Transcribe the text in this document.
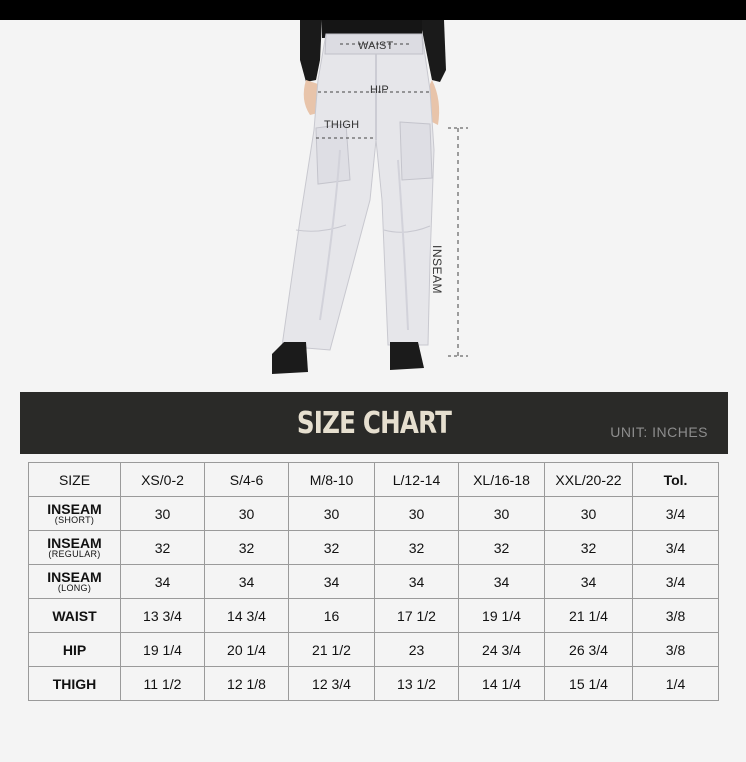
WAIST
HIP
THIGH
INSEAM
SIZE CHART	UNIT: INCHES
SIZE	XS/0-2	S/4-6	M/8-10	L/12-14	XL/16-18	XXL/20-22	Tol.

INSEAM
(SHORT)	30	30	30	30	30	30	3/4

INSEAM
(REGULAR)	32	32	32	32	32	32	3/4

INSEAM
(LONG)	34	34	34	34	34	34	3/4
WAIST	13 3/4	14 3/4	16	17 1/2	19 1/4	21 1/4	3/8
HIP	19 1/4	20 1/4	21 1/2	23	24 3/4	26 3/4	3/8
THIGH	11 1/2	12 1/8	12 3/4	13 1/2	14 1/4	15 1/4	1/4
